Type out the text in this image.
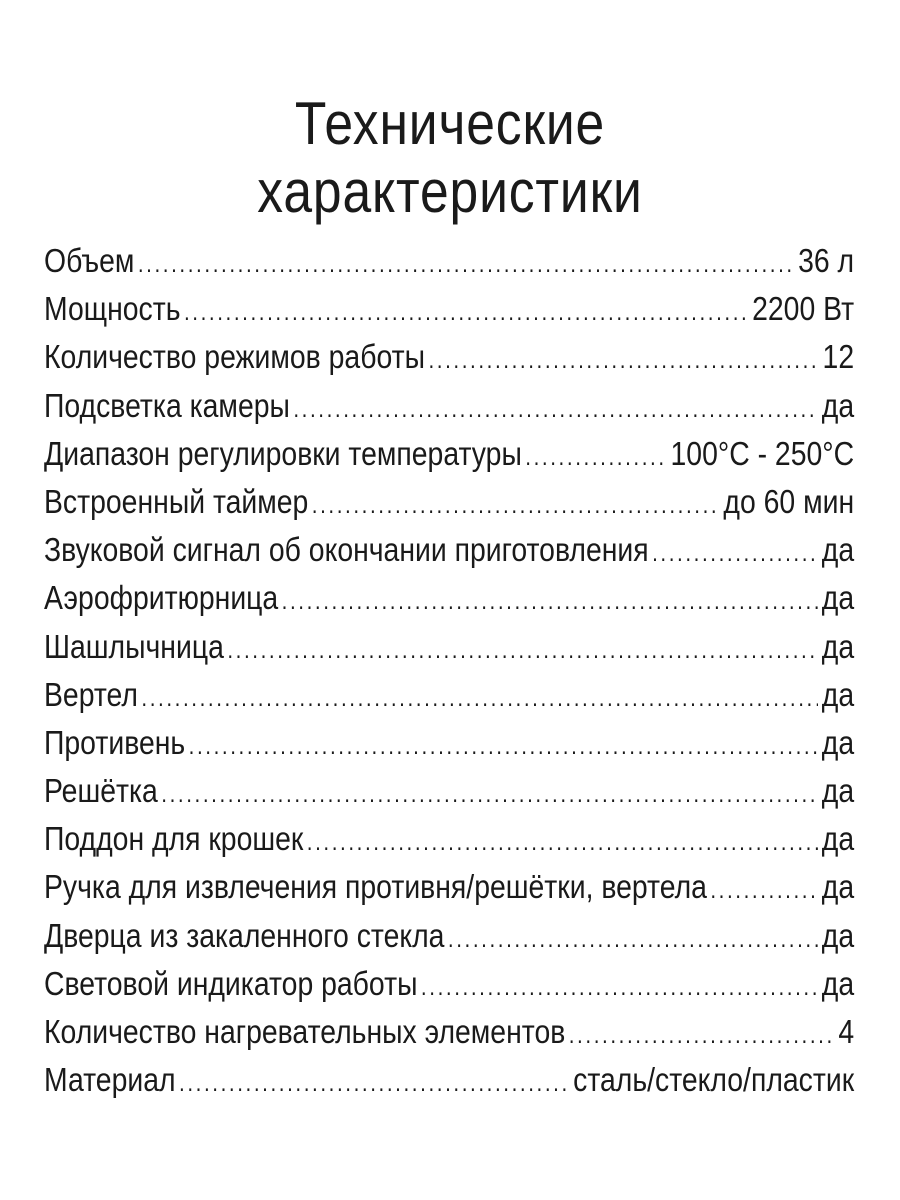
Технические
характеристики
Объем .....	36 л
Мощность .....	2200 Вт
Количество режимов работы .....	12
Подсветка камеры .....	да
Диапазон регулировки температуры .....	100°C - 250°C
Встроенный таймер .....	до 60 мин
Звуковой сигнал об окончании приготовления .....	да
Аэрофритюрница .....	да
Шашлычница .....	да
Вертел .....	да
Противень .....	да
Решётка .....	да
Поддон для крошек .....	да
Ручка для извлечения противня/решётки, вертела .....	да
Дверца из закаленного стекла .....	да
Световой индикатор работы .....	да
Количество нагревательных элементов .....	4
Материал .....	сталь/стекло/пластик
